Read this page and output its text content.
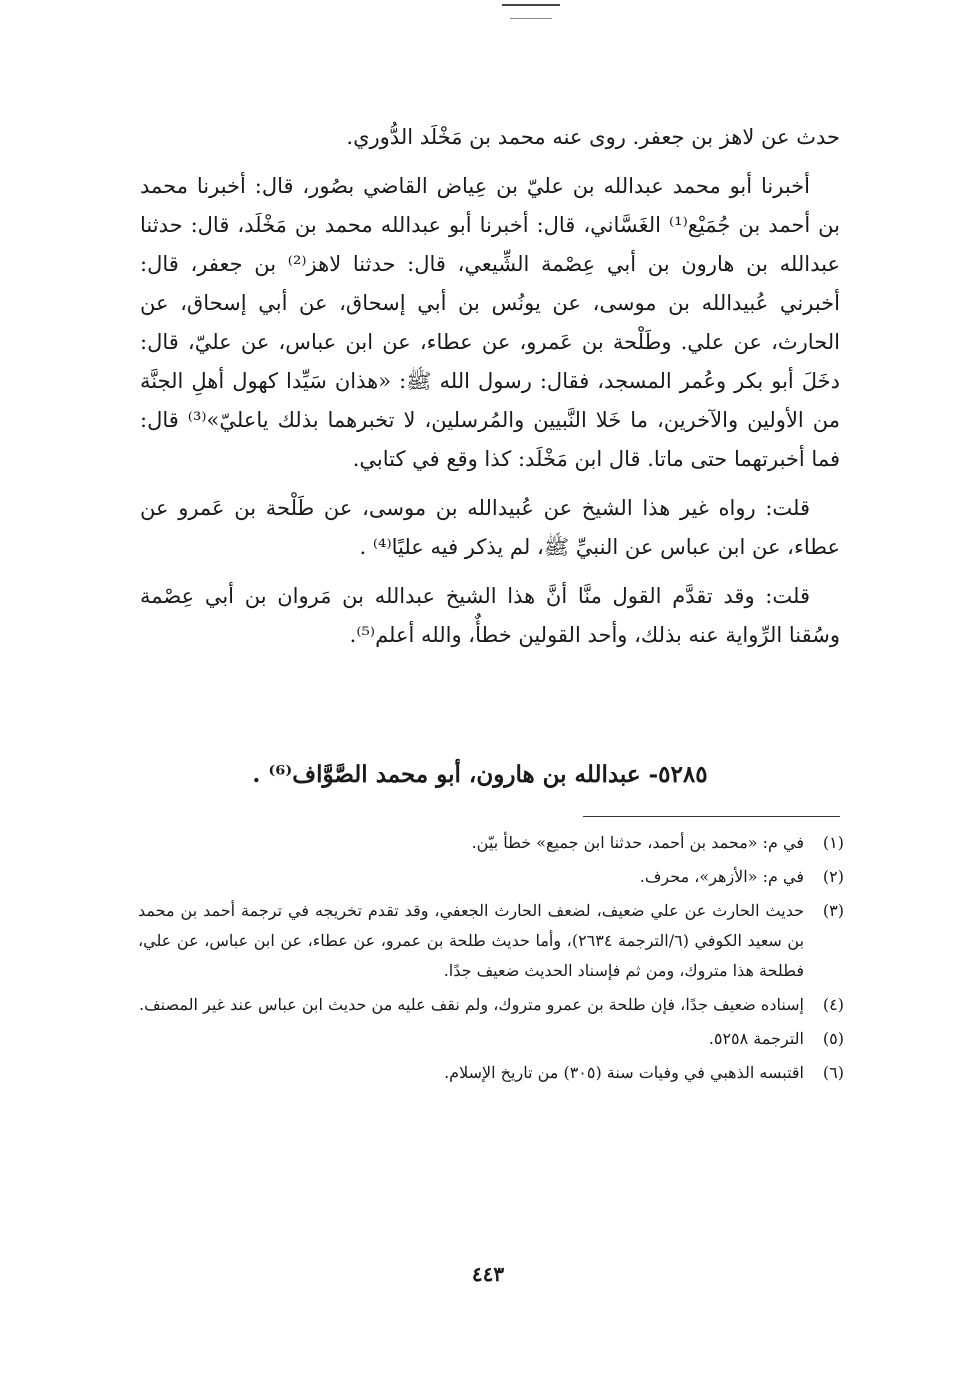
حدث عن لاهز بن جعفر. روى عنه محمد بن مَخْلَد الدُّوري.

أخبرنا أبو محمد عبدالله بن عليّ بن عِياض القاضي بصُور، قال: أخبرنا محمد بن أحمد بن جُمَيْع⁽¹⁾ الغَسَّاني، قال: أخبرنا أبو عبدالله محمد بن مَخْلَد، قال: حدثنا عبدالله بن هارون بن أبي عِصْمة الشِّيعي، قال: حدثنا لاهز⁽²⁾ بن جعفر، قال: أخبرني عُبيدالله بن موسى، عن يونُس بن أبي إسحاق، عن أبي إسحاق، عن الحارث، عن علي. وطَلْحة بن عَمرو، عن عطاء، عن ابن عباس، عن عليّ، قال: دخَلَ أبو بكر وعُمر المسجد، فقال: رسول الله ﷺ: «هذان سَيِّدا كهول أهلِ الجنَّة من الأولين والآخرين، ما خَلا النَّبيين والمُرسلين، لا تخبرهما بذلك ياعليّ»⁽³⁾ قال: فما أخبرتهما حتى ماتا. قال ابن مَخْلَد: كذا وقع في كتابي.

قلت: رواه غير هذا الشيخ عن عُبيدالله بن موسى، عن طَلْحة بن عَمرو عن عطاء، عن ابن عباس عن النبيِّ ﷺ، لم يذكر فيه عليًا⁽⁴⁾ .

قلت: وقد تقدَّم القول منَّا أنَّ هذا الشيخ عبدالله بن مَروان بن أبي عِصْمة وسُقنا الرِّواية عنه بذلك، وأحد القولين خطأٌ، والله أعلم⁽⁵⁾.

٥٢٨٥- عبدالله بن هارون، أبو محمد الصَّوَّاف⁽⁶⁾ .

(١)
في م: «محمد بن أحمد، حدثنا ابن جميع» خطأ بيّن.
(٢)
في م: «الأزهر»، محرف.
(٣)
حديث الحارث عن علي ضعيف، لضعف الحارث الجعفي، وقد تقدم تخريجه في ترجمة أحمد بن محمد بن سعيد الكوفي (٦/الترجمة ٢٦٣٤)، وأما حديث طلحة بن عمرو، عن عطاء، عن ابن عباس، عن علي، فطلحة هذا متروك، ومن ثم فإسناد الحديث ضعيف جدًا.
(٤)
إسناده ضعيف جدًا، فإن طلحة بن عمرو متروك، ولم نقف عليه من حديث ابن عباس عند غير المصنف.
(٥)
الترجمة ٥٢٥٨.
(٦)
اقتبسه الذهبي في وفيات سنة (٣٠٥) من تاريخ الإسلام.
٤٤٣
